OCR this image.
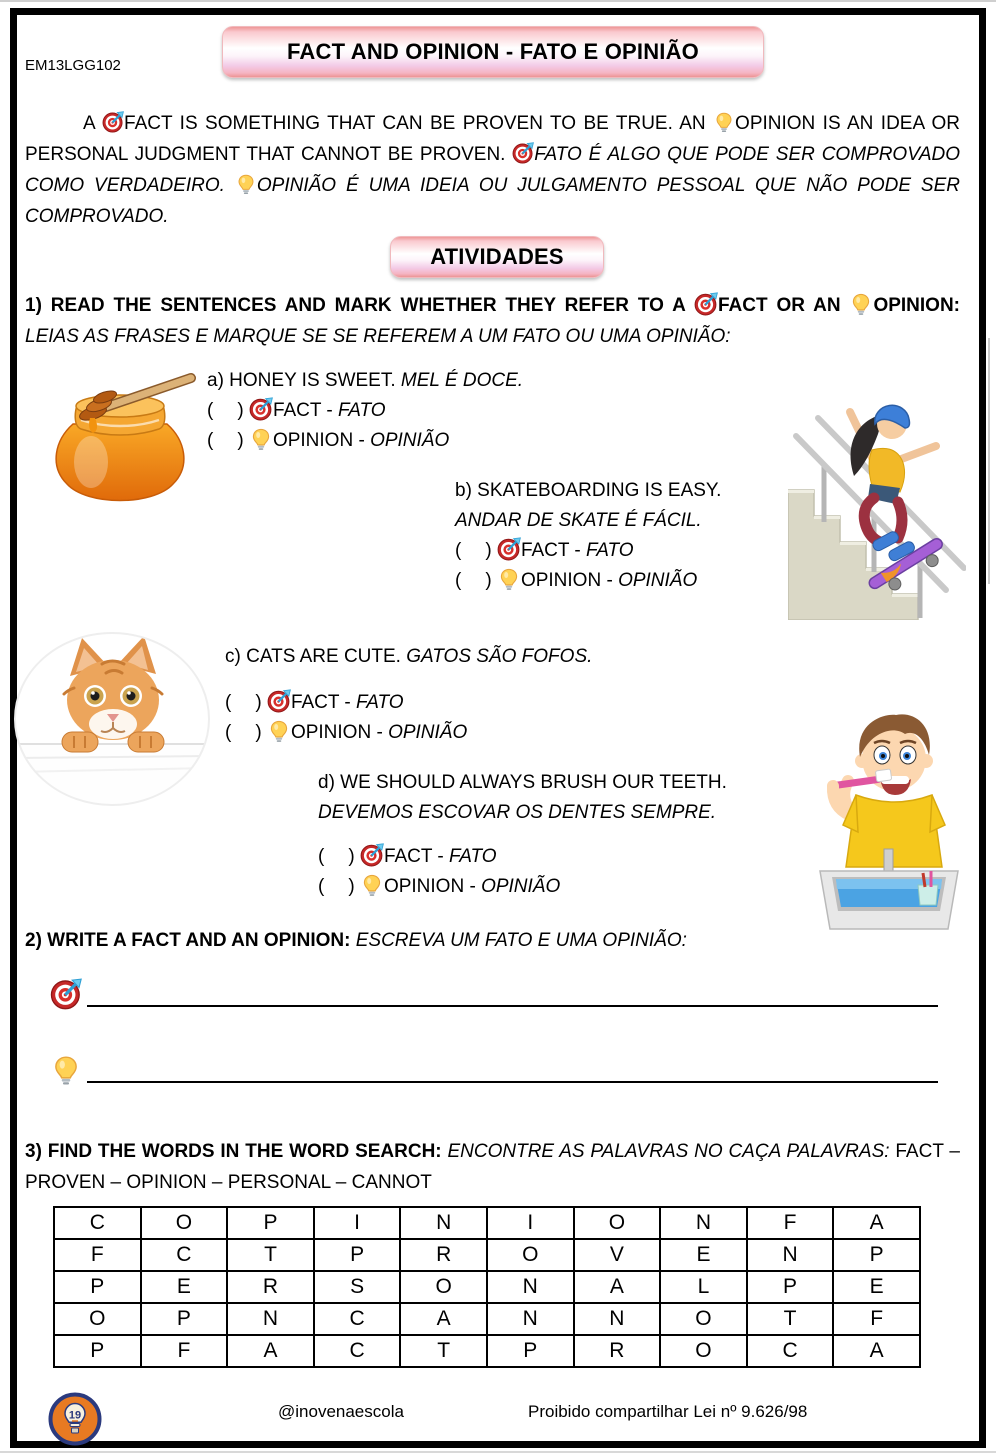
EM13LGG102
FACT AND OPINION - FATO E OPINIÃO

A FACT IS SOMETHING THAT CAN BE PROVEN TO BE TRUE. AN OPINION IS AN IDEA OR PERSONAL JUDGMENT THAT CANNOT BE PROVEN. FATO É ALGO QUE PODE SER COMPROVADO COMO VERDADEIRO. OPINIÃO É UMA IDEIA OU JULGAMENTO PESSOAL QUE NÃO PODE SER COMPROVADO.

ATIVIDADES

1) READ THE SENTENCES AND MARK WHETHER THEY REFER TO A FACT OR AN OPINION: LEIAS AS FRASES E MARQUE SE SE REFEREM A UM FATO OU UMA OPINIÃO:

a) HONEY IS SWEET. MEL É DOCE.
( ) FACT - FATO
( ) OPINION - OPINIÃO
b) SKATEBOARDING IS EASY.
ANDAR DE SKATE É FÁCIL.
( ) FACT - FATO
( ) OPINION - OPINIÃO
c) CATS ARE CUTE. GATOS SÃO FOFOS.
( ) FACT - FATO
( ) OPINION - OPINIÃO
d) WE SHOULD ALWAYS BRUSH OUR TEETH.
DEVEMOS ESCOVAR OS DENTES SEMPRE.
( ) FACT - FATO
( ) OPINION - OPINIÃO

2) WRITE A FACT AND AN OPINION: ESCREVA UM FATO E UMA OPINIÃO:

3) FIND THE WORDS IN THE WORD SEARCH: ENCONTRE AS PALAVRAS NO CAÇA PALAVRAS: FACT – PROVEN – OPINION – PERSONAL – CANNOT

C	O	P	I	N	I	O	N	F	A
F	C	T	P	R	O	V	E	N	P
P	E	R	S	O	N	A	L	P	E
O	P	N	C	A	N	N	O	T	F
P	F	A	C	T	P	R	O	C	A
19	@inovenaescola	Proibido compartilhar Lei nº 9.626/98
